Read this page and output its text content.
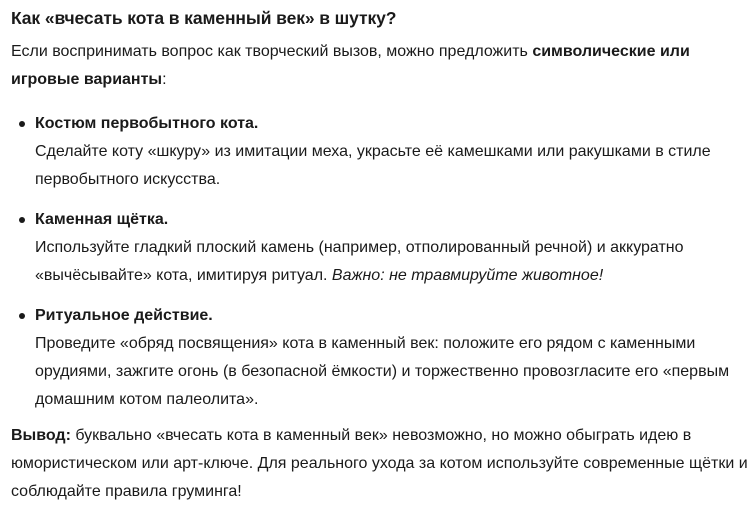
Как «вчесать кота в каменный век» в шутку?

Если воспринимать вопрос как творческий вызов, можно предложить символические или игровые варианты:

Костюм первобытного кота.
Сделайте коту «шкуру» из имитации меха, украсьте её камешками или ракушками в стиле первобытного искусства.
Каменная щётка.
Используйте гладкий плоский камень (например, отполированный речной) и аккуратно «вычёсывайте» кота, имитируя ритуал. Важно: не травмируйте животное!
Ритуальное действие.
Проведите «обряд посвящения» кота в каменный век: положите его рядом с каменными орудиями, зажгите огонь (в безопасной ёмкости) и торжественно провозгласите его «первым домашним котом палеолита».

Вывод: буквально «вчесать кота в каменный век» невозможно, но можно обыграть идею в юмористическом или арт-ключе. Для реального ухода за котом используйте современные щётки и соблюдайте правила груминга!
